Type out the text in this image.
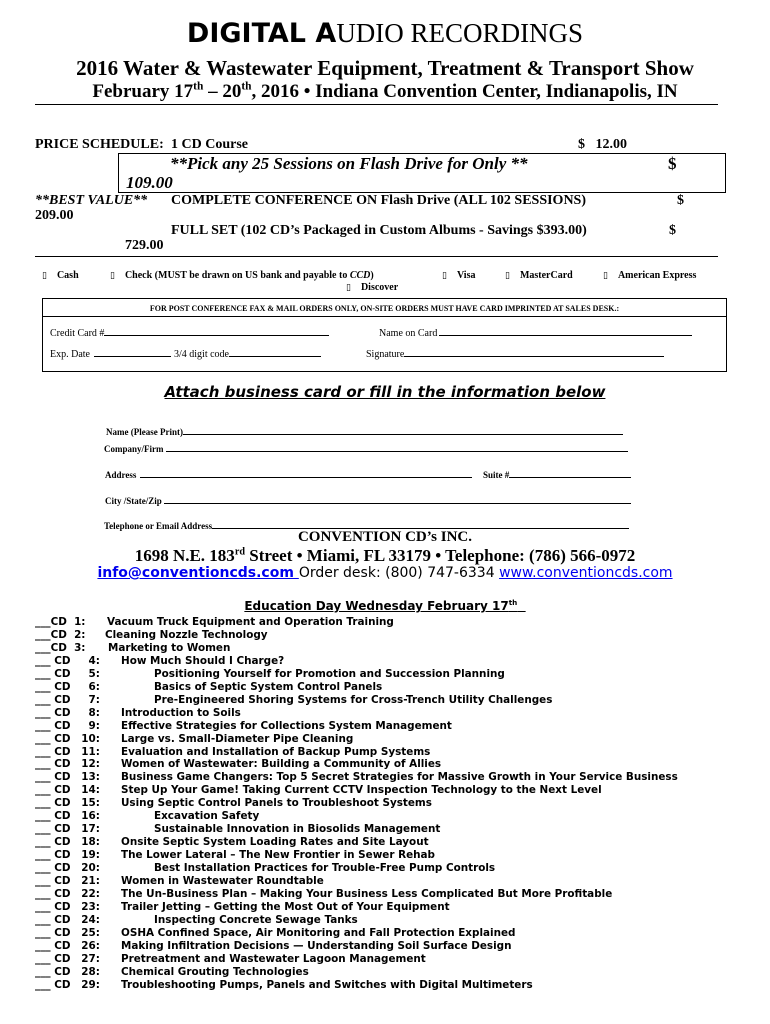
DIGITAL AUDIO RECORDINGS
2016 Water & Wastewater Equipment, Treatment & Transport Show
February 17th – 20th, 2016 • Indiana Convention Center, Indianapolis, IN
PRICE SCHEDULE: 1 CD Course	$   12.00
**Pick any 25 Sessions on Flash Drive for Only **	$
109.00
**BEST VALUE** COMPLETE CONFERENCE ON Flash Drive (ALL 102 SESSIONS)	$
209.00
FULL SET (102 CD’s Packaged in Custom Albums - Savings $393.00)	$
729.00
▯ Cash	▯ Check (MUST be drawn on US bank and payable to CCD)	▯ Visa	▯ MasterCard	▯ American Express
▯ Discover
FOR POST CONFERENCE FAX & MAIL ORDERS ONLY, ON-SITE ORDERS MUST HAVE CARD IMPRINTED AT SALES DESK.:
Credit Card #	Name on Card
Exp. Date	3/4 digit code	Signature
Attach business card or fill in the information below
Name (Please Print)
Company/Firm
Address	Suite #
City /State/Zip
Telephone or Email Address
CONVENTION CD’s INC.
1698 N.E. 183rd Street • Miami, FL 33179 • Telephone: (786) 566-0972
info@conventioncds.com Order desk: (800) 747-6334 www.conventioncds.com
Education Day Wednesday February 17th
___CD  1: Vacuum Truck Equipment and Operation Training
___CD  2: Cleaning Nozzle Technology
___CD  3: Marketing to Women
___ CD     4: How Much Should I Charge?
___ CD     5:	Positioning Yourself for Promotion and Succession Planning
___ CD     6:	Basics of Septic System Control Panels
___ CD     7:	Pre-Engineered Shoring Systems for Cross-Trench Utility Challenges
___ CD     8: Introduction to Soils
___ CD     9: Effective Strategies for Collections System Management
___ CD   10: Large vs. Small-Diameter Pipe Cleaning
___ CD   11: Evaluation and Installation of Backup Pump Systems
___ CD   12: Women of Wastewater: Building a Community of Allies
___ CD   13: Business Game Changers: Top 5 Secret Strategies for Massive Growth in Your Service Business
___ CD   14: Step Up Your Game! Taking Current CCTV Inspection Technology to the Next Level
___ CD   15: Using Septic Control Panels to Troubleshoot Systems
___ CD   16:	Excavation Safety
___ CD   17:	Sustainable Innovation in Biosolids Management
___ CD   18: Onsite Septic System Loading Rates and Site Layout
___ CD   19: The Lower Lateral – The New Frontier in Sewer Rehab
___ CD   20:	Best Installation Practices for Trouble-Free Pump Controls
___ CD   21: Women in Wastewater Roundtable
___ CD   22: The Un-Business Plan – Making Your Business Less Complicated But More Profitable
___ CD   23: Trailer Jetting – Getting the Most Out of Your Equipment
___ CD   24:	Inspecting Concrete Sewage Tanks
___ CD   25: OSHA Confined Space, Air Monitoring and Fall Protection Explained
___ CD   26: Making Infiltration Decisions — Understanding Soil Surface Design
___ CD   27: Pretreatment and Wastewater Lagoon Management
___ CD   28: Chemical Grouting Technologies
___ CD   29: Troubleshooting Pumps, Panels and Switches with Digital Multimeters
